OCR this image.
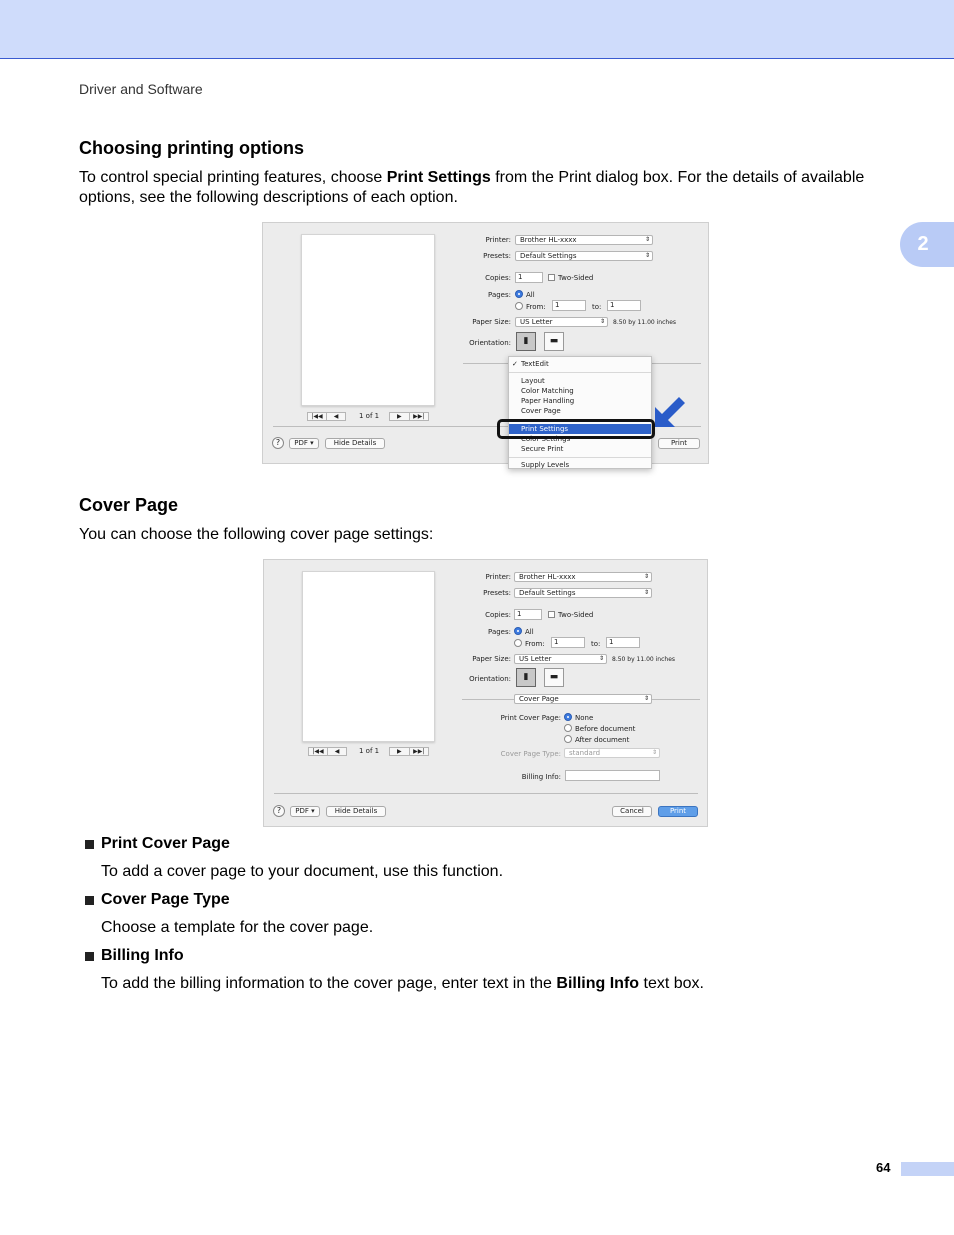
Driver and Software
2
Choosing printing options

To control special printing features, choose Print Settings from the Print dialog box. For the details of available options, see the following descriptions of each option.

Printer:	Brother HL-xxxx	⇕
Presets:	Default Settings	⇕
Copies:	1	Two-Sided
Pages: All
From:	1	to:	1
Paper Size:	US Letter	⇕ 8.50 by 11.00 inches
Orientation:	▮	▬
|◀◀	◀	1 of 1	▶	▶▶|
?	PDF ▾	Hide Details	Print
✓ TextEdit
Layout
Color Matching
Paper Handling
Cover Page
Print Settings
Color Settings
Secure Print
Supply Levels
Cover Page

You can choose the following cover page settings:

Printer:	Brother HL-xxxx	⇕
Presets:	Default Settings	⇕
Copies: 1	Two-Sided
Pages: All
From:	1	to:	1
Paper Size:	US Letter	⇕ 8.50 by 11.00 inches
Orientation:	▮	▬
Cover Page	⇕
Print Cover Page: None
Before document
After document
Cover Page Type:	standard	⇕
Billing Info:
|◀◀	◀	1 of 1	▶	▶▶|
?	PDF ▾	Hide Details	Cancel	Print
Print Cover Page
To add a cover page to your document, use this function.
Cover Page Type
Choose a template for the cover page.
Billing Info
To add the billing information to the cover page, enter text in the Billing Info text box.
64
